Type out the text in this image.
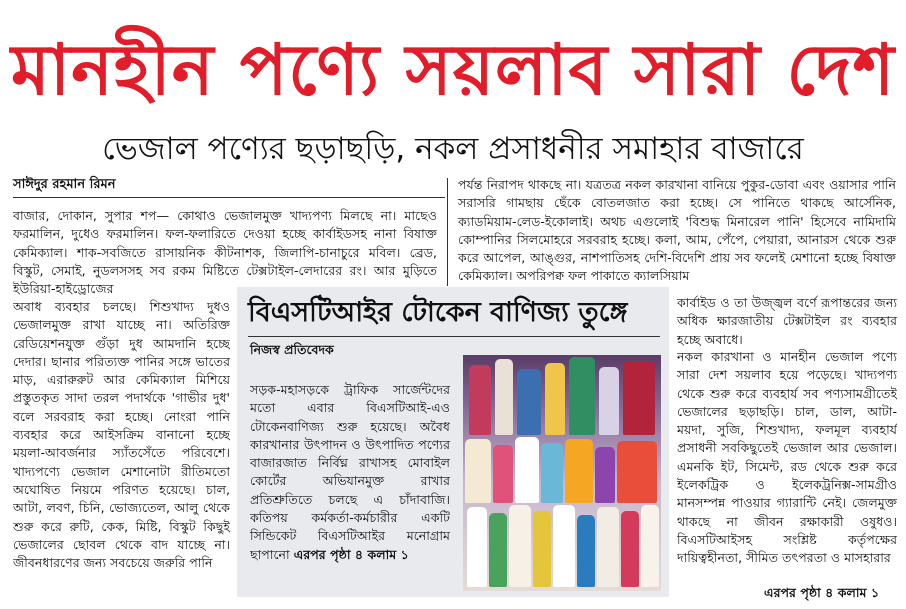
মানহীন পণ্যে সয়লাব সারা দেশ
ভেজাল পণ্যের ছড়াছড়ি, নকল প্রসাধনীর সমাহার বাজারে
সাঈদুর রহমান রিমন

বাজার, দোকান, সুপার শপ— কোথাও ভেজালমুক্ত খাদ্যপণ্য মিলছে না। মাছেও ফরমালিন, দুধেও ফরমালিন। ফল-ফলারিতে দেওয়া হচ্ছে কার্বাইডসহ নানা বিষাক্ত কেমিক্যাল। শাক-সবজিতে রাসায়নিক কীটনাশক, জিলাপি-চানাচুরে মবিল। ব্রেড, বিস্কুট, সেমাই, নুডলসসহ সব রকম মিষ্টিতে টেক্সটাইল-লেদারের রং। আর মুড়িতে ইউরিয়া-হাইড্রোজের

অবাধ ব্যবহার চলছে। শিশুখাদ্য দুধও ভেজালমুক্ত রাখা যাচ্ছে না। অতিরিক্ত রেডিয়েশনযুক্ত গুঁড়া দুধ আমদানি হচ্ছে দেদার। ছানার পরিত্যক্ত পানির সঙ্গে ভাতের মাড়, এরারুরুট আর কেমিক্যাল মিশিয়ে প্রস্তুতকৃত সাদা তরল পদার্থকে 'গাভীর দুধ' বলে সরবরাহ করা হচ্ছে। নোংরা পানি ব্যবহার করে আইসক্রিম বানানো হচ্ছে ময়লা-আবর্জনার স্যাঁতসেঁতে পরিবেশে। খাদ্যপণ্যে ভেজাল মেশানোটা রীতিমতো অঘোষিত নিয়মে পরিণত হয়েছে। চাল, আটা, লবণ, চিনি, ভোজ্যতেল, আলু থেকে শুরু করে রুটি, কেক, মিষ্টি, বিস্কুট কিছুই ভেজালের ছোবল থেকে বাদ যাচ্ছে না। জীবনধারণের জন্য সবচেয়ে জরুরি পানি

পর্যন্ত নিরাপদ থাকছে না। যত্রতত্র নকল কারখানা বানিয়ে পুকুর-ডোবা এবং ওয়াসার পানি সরাসরি গামছায় ছেঁকে বোতলজাত করা হচ্ছে। সে পানিতে থাকছে আর্সেনিক, ক্যাডমিয়াম-লেড-ইকোলাই। অথচ এগুলোই 'বিশুদ্ধ মিনারেল পানি' হিসেবে নামিদামি কোম্পানির সিলমোহরে সরবরাহ হচ্ছে। কলা, আম, পেঁপে, পেয়ারা, আনারস থেকে শুরু করে আপেল, আঙ্গুর, নাশপাতিসহ দেশি-বিদেশি প্রায় সব ফলেই মেশানো হচ্ছে বিষাক্ত কেমিক্যাল। অপরিপক্ব ফল পাকাতে ক্যালসিয়াম

কার্বাইড ও তা উজ্জ্বল বর্ণে রূপান্তরের জন্য অধিক ক্ষারজাতীয় টেক্সটাইল রং ব্যবহার হচ্ছে অবাধে।

নকল কারখানা ও মানহীন ভেজাল পণ্যে সারা দেশ সয়লাব হয়ে পড়েছে। খাদ্যপণ্য থেকে শুরু করে ব্যবহার্য সব পণ্যসামগ্রীতেই ভেজালের ছড়াছড়ি। চাল, ডাল, আটা-ময়দা, সুজি, শিশুখাদ্য, ফলমূল ব্যবহার্য প্রসাধনী সবকিছুতেই ভেজাল আর ভেজাল। এমনকি ইট, সিমেন্ট, রড থেকে শুরু করে ইলেকট্রিক ও ইলেকট্রনিক্স-সামগ্রীও মানসম্পন্ন পাওয়ার গ্যারান্টি নেই। জেলমুক্ত থাকছে না জীবন রক্ষাকারী ওষুধও। বিএসটিআইসহ সংশ্লিষ্ট কর্তৃপক্ষের দায়িত্বহীনতা, সীমিত তৎপরতা ও মাসহারার

এরপর পৃষ্ঠা ৪ কলাম ১
বিএসটিআইর টোকেন বাণিজ্য তুঙ্গে
নিজস্ব প্রতিবেদক
সড়ক-মহাসড়কে ট্রাফিক সার্জেন্টদের মতো এবার বিএসটিআই-এও টোকেনবাণিজ্য শুরু হয়েছে। অবৈধ কারখানার উৎপাদন ও উৎপাদিত পণ্যের বাজারজাত নির্বিঘ্ন রাখাসহ মোবাইল কোর্টের অভিযানমুক্ত রাখার প্রতিশ্রুতিতে চলছে এ চাঁদাবাজি। কতিপয় কর্মকর্তা-কর্মচারীর একটি সিন্ডিকেট বিএসটিআইর মনোগ্রাম ছাপানো এরপর পৃষ্ঠা ৪ কলাম ১
